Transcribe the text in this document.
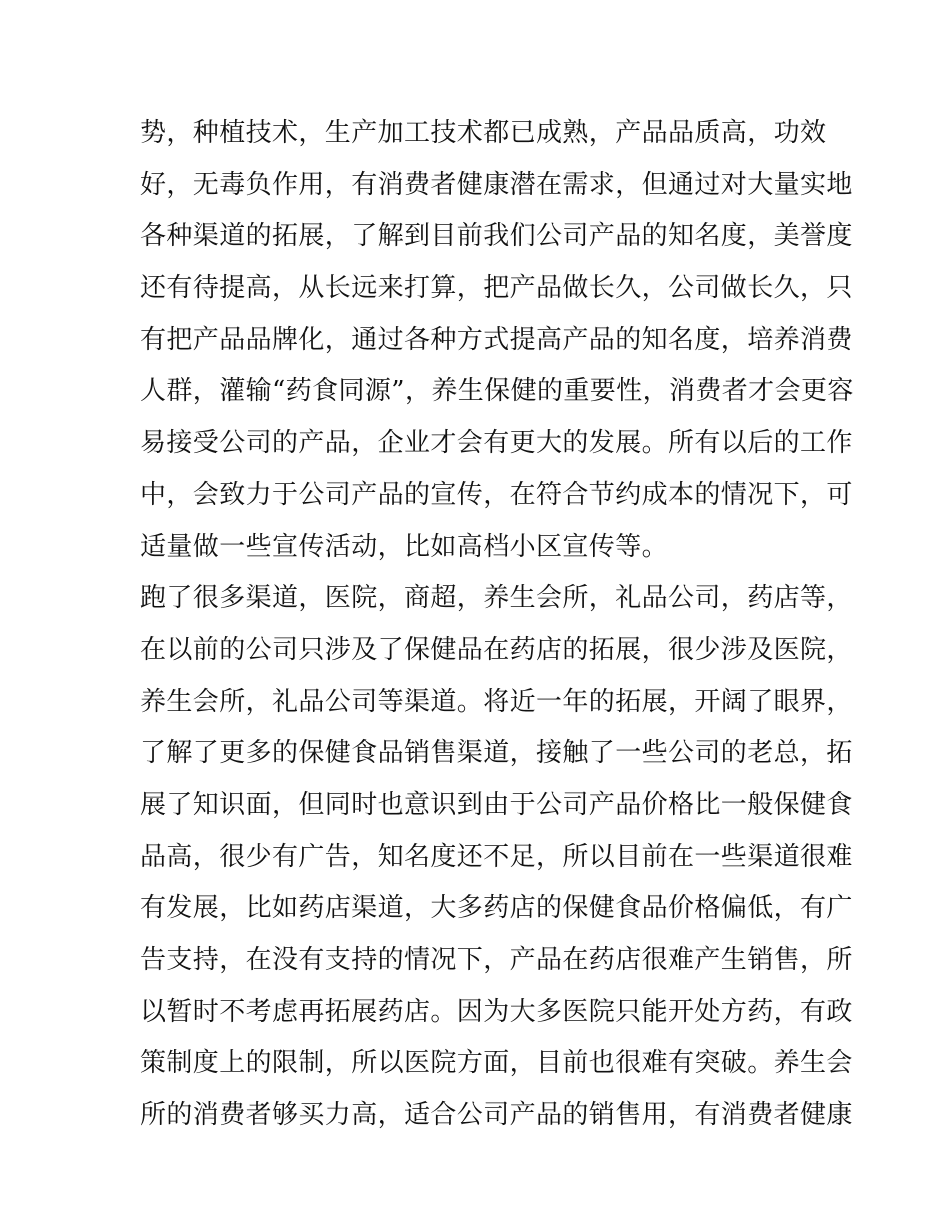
势，种植技术，生产加工技术都已成熟，产品品质高，功效
好，无毒负作用，有消费者健康潜在需求，但通过对大量实地
各种渠道的拓展，了解到目前我们公司产品的知名度，美誉度
还有待提高，从长远来打算，把产品做长久，公司做长久，只
有把产品品牌化，通过各种方式提高产品的知名度，培养消费
人群，灌输“药食同源”，养生保健的重要性，消费者才会更容
易接受公司的产品，企业才会有更大的发展。所有以后的工作
中，会致力于公司产品的宣传，在符合节约成本的情况下，可
适量做一些宣传活动，比如高档小区宣传等。
跑了很多渠道，医院，商超，养生会所，礼品公司，药店等，
在以前的公司只涉及了保健品在药店的拓展，很少涉及医院，
养生会所，礼品公司等渠道。将近一年的拓展，开阔了眼界，
了解了更多的保健食品销售渠道，接触了一些公司的老总，拓
展了知识面，但同时也意识到由于公司产品价格比一般保健食
品高，很少有广告，知名度还不足，所以目前在一些渠道很难
有发展，比如药店渠道，大多药店的保健食品价格偏低，有广
告支持，在没有支持的情况下，产品在药店很难产生销售，所
以暂时不考虑再拓展药店。因为大多医院只能开处方药，有政
策制度上的限制，所以医院方面，目前也很难有突破。养生会
所的消费者够买力高，适合公司产品的销售用，有消费者健康
